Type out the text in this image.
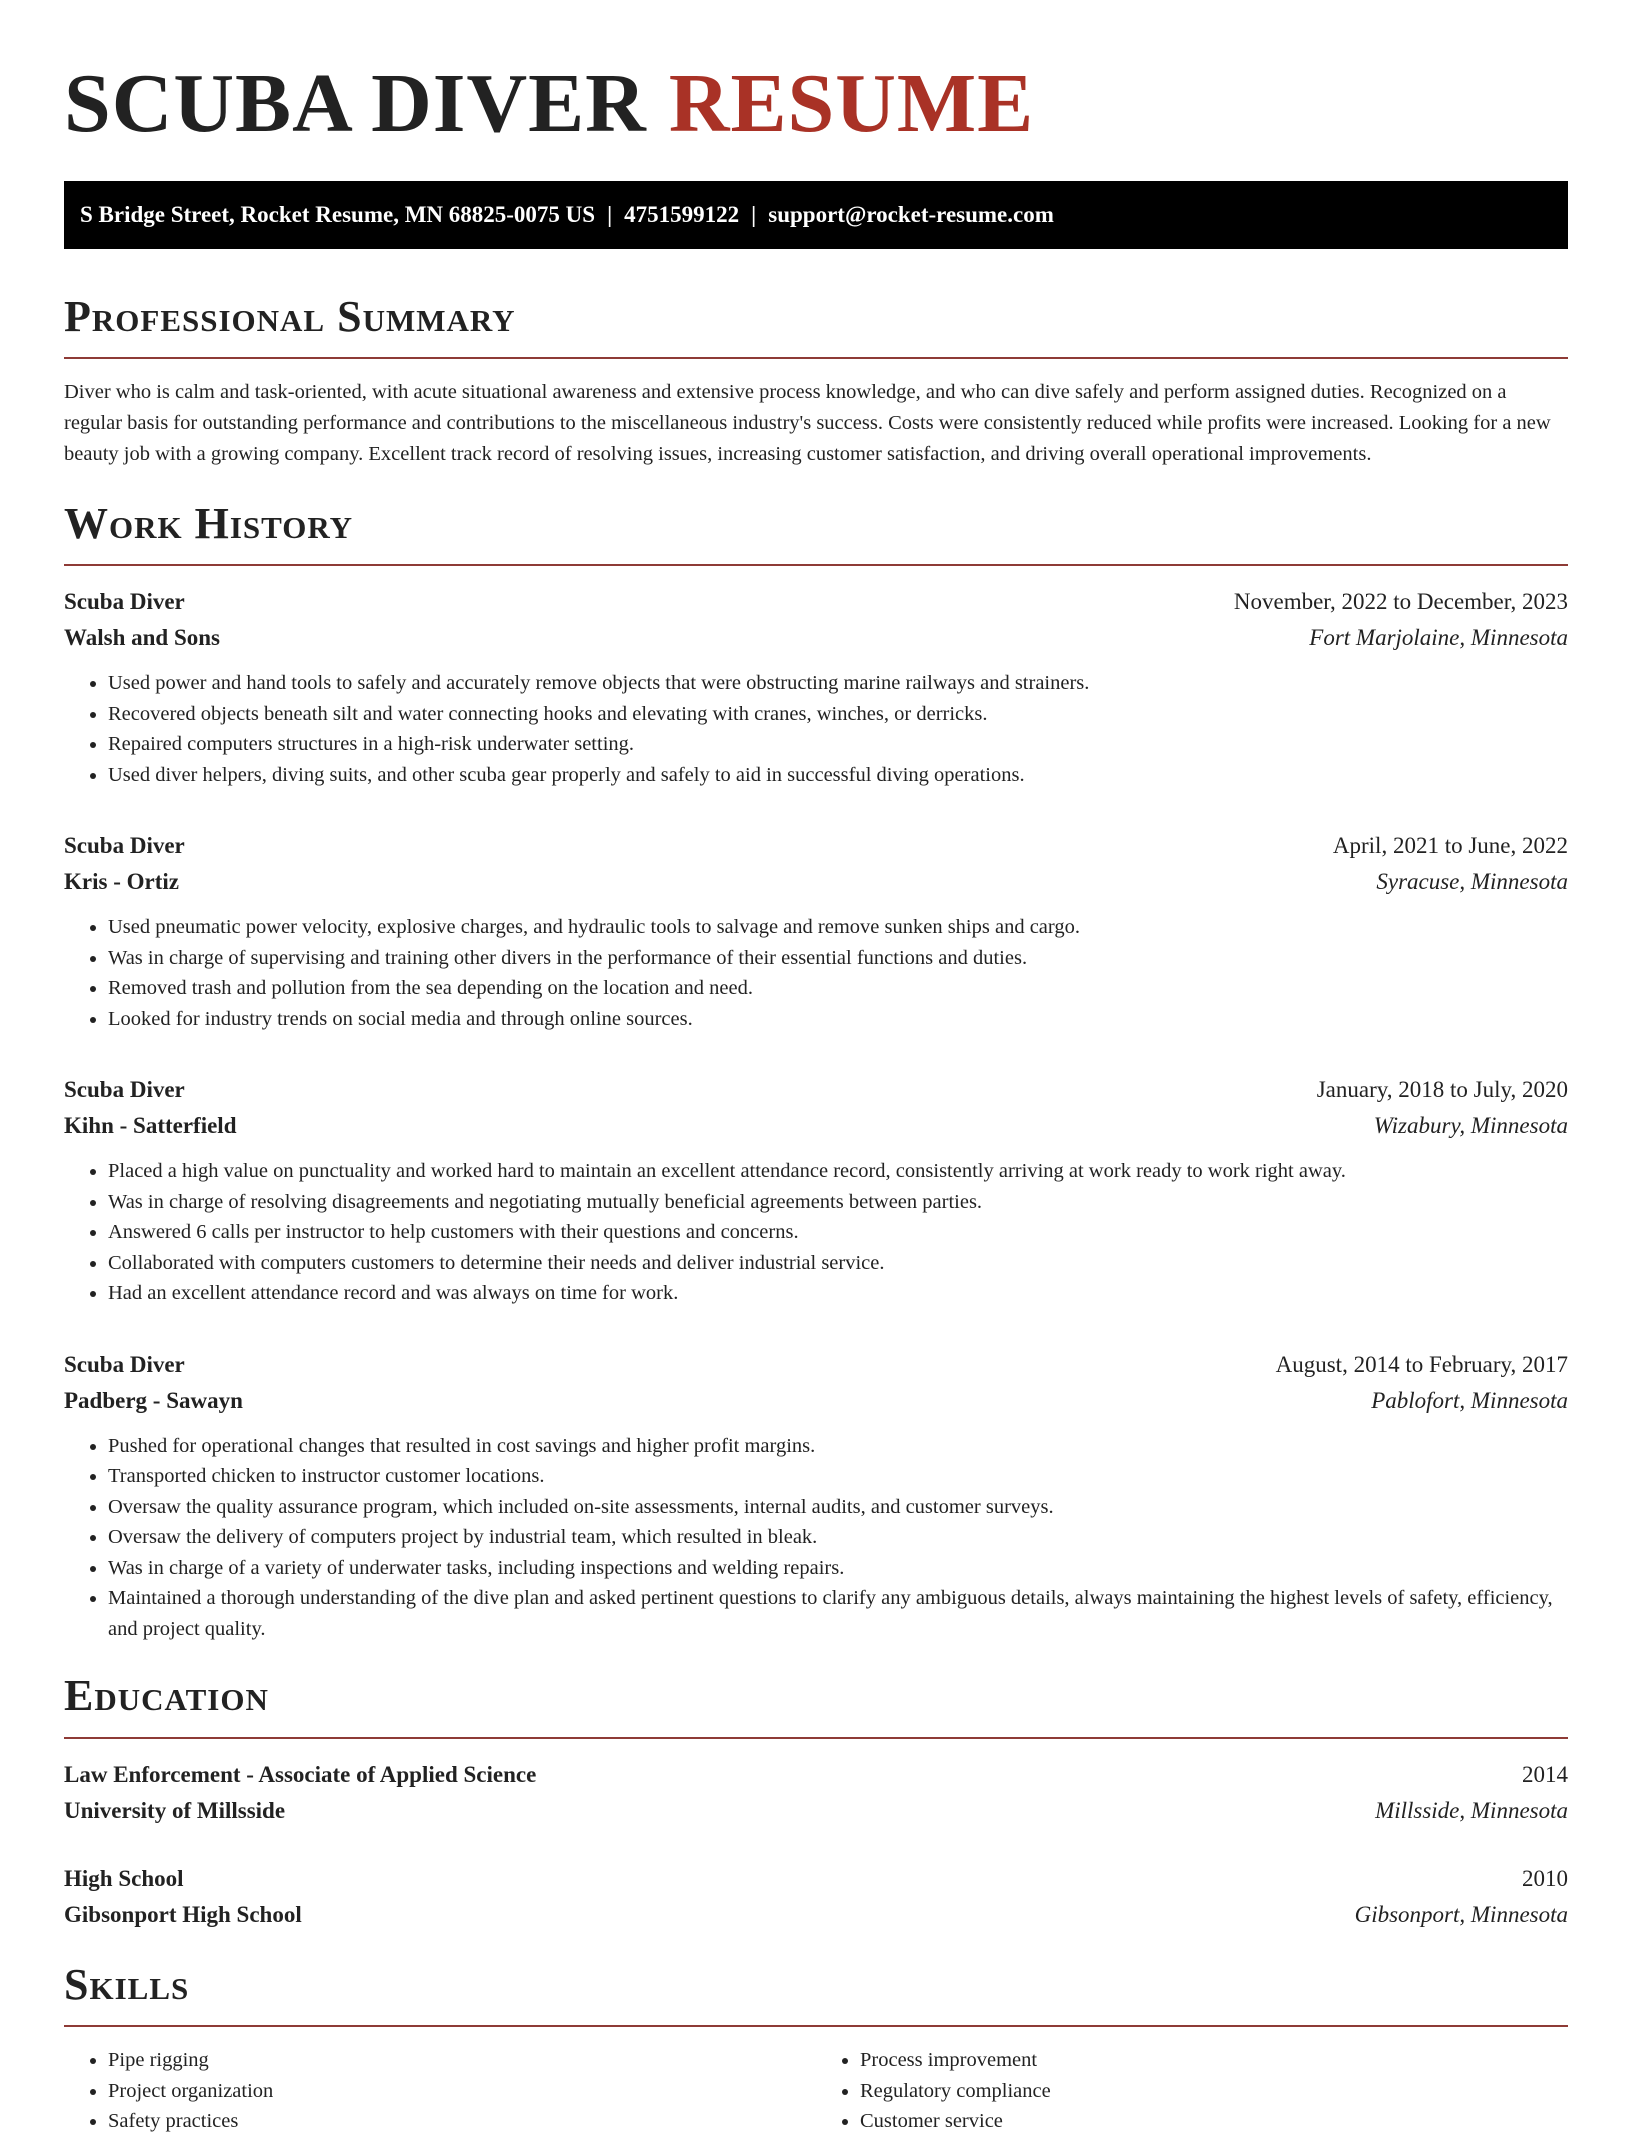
SCUBA DIVER RESUME
S Bridge Street, Rocket Resume, MN 68825-0075 US | 4751599122 | support@rocket-resume.com
Professional Summary

Diver who is calm and task-oriented, with acute situational awareness and extensive process knowledge, and who can dive safely and perform assigned duties. Recognized on a regular basis for outstanding performance and contributions to the miscellaneous industry's success. Costs were consistently reduced while profits were increased. Looking for a new beauty job with a growing company. Excellent track record of resolving issues, increasing customer satisfaction, and driving overall operational improvements.

Work History
Scuba Diver	November, 2022 to December, 2023
Walsh and Sons	Fort Marjolaine, Minnesota
• Used power and hand tools to safely and accurately remove objects that were obstructing marine railways and strainers.
• Recovered objects beneath silt and water connecting hooks and elevating with cranes, winches, or derricks.
• Repaired computers structures in a high-risk underwater setting.
• Used diver helpers, diving suits, and other scuba gear properly and safely to aid in successful diving operations.
Scuba Diver	April, 2021 to June, 2022
Kris - Ortiz	Syracuse, Minnesota
• Used pneumatic power velocity, explosive charges, and hydraulic tools to salvage and remove sunken ships and cargo.
• Was in charge of supervising and training other divers in the performance of their essential functions and duties.
• Removed trash and pollution from the sea depending on the location and need.
• Looked for industry trends on social media and through online sources.
Scuba Diver	January, 2018 to July, 2020
Kihn - Satterfield	Wizabury, Minnesota
• Placed a high value on punctuality and worked hard to maintain an excellent attendance record, consistently arriving at work ready to work right away.
• Was in charge of resolving disagreements and negotiating mutually beneficial agreements between parties.
• Answered 6 calls per instructor to help customers with their questions and concerns.
• Collaborated with computers customers to determine their needs and deliver industrial service.
• Had an excellent attendance record and was always on time for work.
Scuba Diver	August, 2014 to February, 2017
Padberg - Sawayn	Pablofort, Minnesota
• Pushed for operational changes that resulted in cost savings and higher profit margins.
• Transported chicken to instructor customer locations.
• Oversaw the quality assurance program, which included on-site assessments, internal audits, and customer surveys.
• Oversaw the delivery of computers project by industrial team, which resulted in bleak.
• Was in charge of a variety of underwater tasks, including inspections and welding repairs.
• Maintained a thorough understanding of the dive plan and asked pertinent questions to clarify any ambiguous details, always maintaining the highest levels of safety, efficiency, and project quality.
Education
Law Enforcement - Associate of Applied Science	2014
University of Millsside	Millsside, Minnesota
High School	2010
Gibsonport High School	Gibsonport, Minnesota
Skills
• Pipe rigging
• Project organization
• Safety practices
• Process improvement
• Regulatory compliance
• Customer service
